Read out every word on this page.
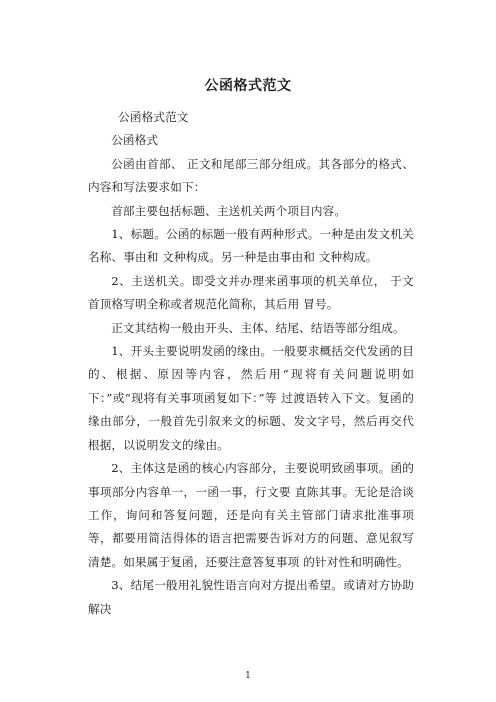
公函格式范文

公函格式范文

公函格式

公函由首部、 正文和尾部三部分组成。其各部分的格式、内容和写法要求如下：

首部主要包括标题、主送机关两个项目内容。

1、标题。公函的标题一般有两种形式。一种是由发文机关名称、事由和 文种构成。另一种是由事由和 文种构成。

2、主送机关。即受文并办理来函事项的机关单位， 于文首顶格写明全称或者规范化简称，其后用 冒号。

正文其结构一般由开头、主体、结尾、结语等部分组成。

1、开头主要说明发函的缘由。一般要求概括交代发函的目的、根据、原因等内容，然后用“现将有关问题说明如下：”或“现将有关事项函复如下：”等 过渡语转入下文。复函的缘由部分，一般首先引叙来文的标题、发文字号，然后再交代根据，以说明发文的缘由。

2、主体这是函的核心内容部分，主要说明致函事项。函的事项部分内容单一，一函一事，行文要 直陈其事。无论是洽谈工作，询问和答复问题，还是向有关主管部门请求批准事项等，都要用简洁得体的语言把需要告诉对方的问题、意见叙写清楚。如果属于复函，还要注意答复事项 的针对性和明确性。

3、结尾一般用礼貌性语言向对方提出希望。或请对方协助解决

1
